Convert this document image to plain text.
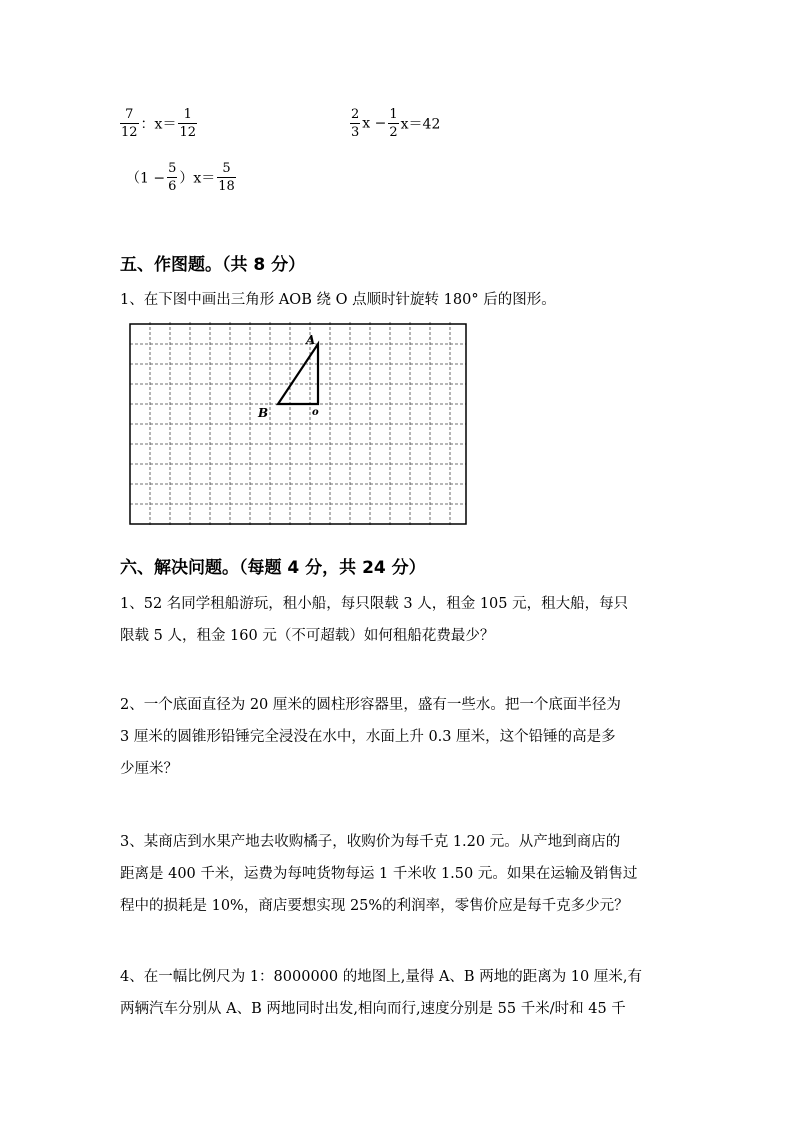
$\frac{7}{12}$ ：$x= \frac{1}{12}$	$\frac{2}{3}$ $x - \frac{1}{2} x=42$
$(1 - \frac{5}{6} )x= \frac{5}{18}$
五、作图题。（共 8 分）
1、在下图中画出三角形 AOB 绕 O 点顺时针旋转 180° 后的图形。
A
B	o
六、解决问题。（每题 4 分，共 24 分）
1、52 名同学租船游玩，租小船，每只限载 3 人，租金 105 元，租大船，每只
限载 5 人，租金 160 元（不可超载）如何租船花费最少？
2、一个底面直径为 20 厘米的圆柱形容器里，盛有一些水。把一个底面半径为
3 厘米的圆锥形铅锤完全浸没在水中，水面上升 0.3 厘米，这个铅锤的高是多
少厘米？
3、某商店到水果产地去收购橘子，收购价为每千克 1.20 元。从产地到商店的
距离是 400 千米，运费为每吨货物每运 1 千米收 1.50 元。如果在运输及销售过
程中的损耗是 10%，商店要想实现 25%的利润率，零售价应是每千克多少元？
4、在一幅比例尺为 1：8000000 的地图上,量得 A、B 两地的距离为 10 厘米,有
两辆汽车分别从 A、B 两地同时出发,相向而行,速度分别是 55 千米/时和 45 千
